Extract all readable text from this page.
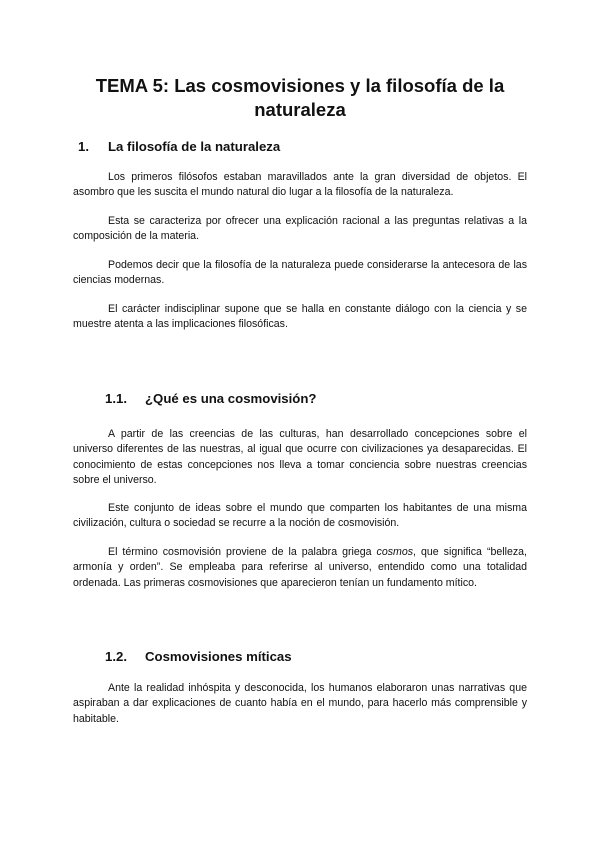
TEMA 5: Las cosmovisiones y la filosofía de la naturaleza
1. La filosofía de la naturaleza

Los primeros filósofos estaban maravillados ante la gran diversidad de objetos. El asombro que les suscita el mundo natural dio lugar a la filosofía de la naturaleza.

Esta se caracteriza por ofrecer una explicación racional a las preguntas relativas a la composición de la materia.

Podemos decir que la filosofía de la naturaleza puede considerarse la antecesora de las ciencias modernas.

El carácter indisciplinar supone que se halla en constante diálogo con la ciencia y se muestre atenta a las implicaciones filosóficas.

1.1. ¿Qué es una cosmovisión?

A partir de las creencias de las culturas, han desarrollado concepciones sobre el universo diferentes de las nuestras, al igual que ocurre con civilizaciones ya desaparecidas. El conocimiento de estas concepciones nos lleva a tomar conciencia sobre nuestras creencias sobre el universo.

Este conjunto de ideas sobre el mundo que comparten los habitantes de una misma civilización, cultura o sociedad se recurre a la noción de cosmovisión.

El término cosmovisión proviene de la palabra griega cosmos, que significa “belleza, armonía y orden”. Se empleaba para referirse al universo, entendido como una totalidad ordenada. Las primeras cosmovisiones que aparecieron tenían un fundamento mítico.

1.2. Cosmovisiones míticas

Ante la realidad inhóspita y desconocida, los humanos elaboraron unas narrativas que aspiraban a dar explicaciones de cuanto había en el mundo, para hacerlo más comprensible y habitable.
